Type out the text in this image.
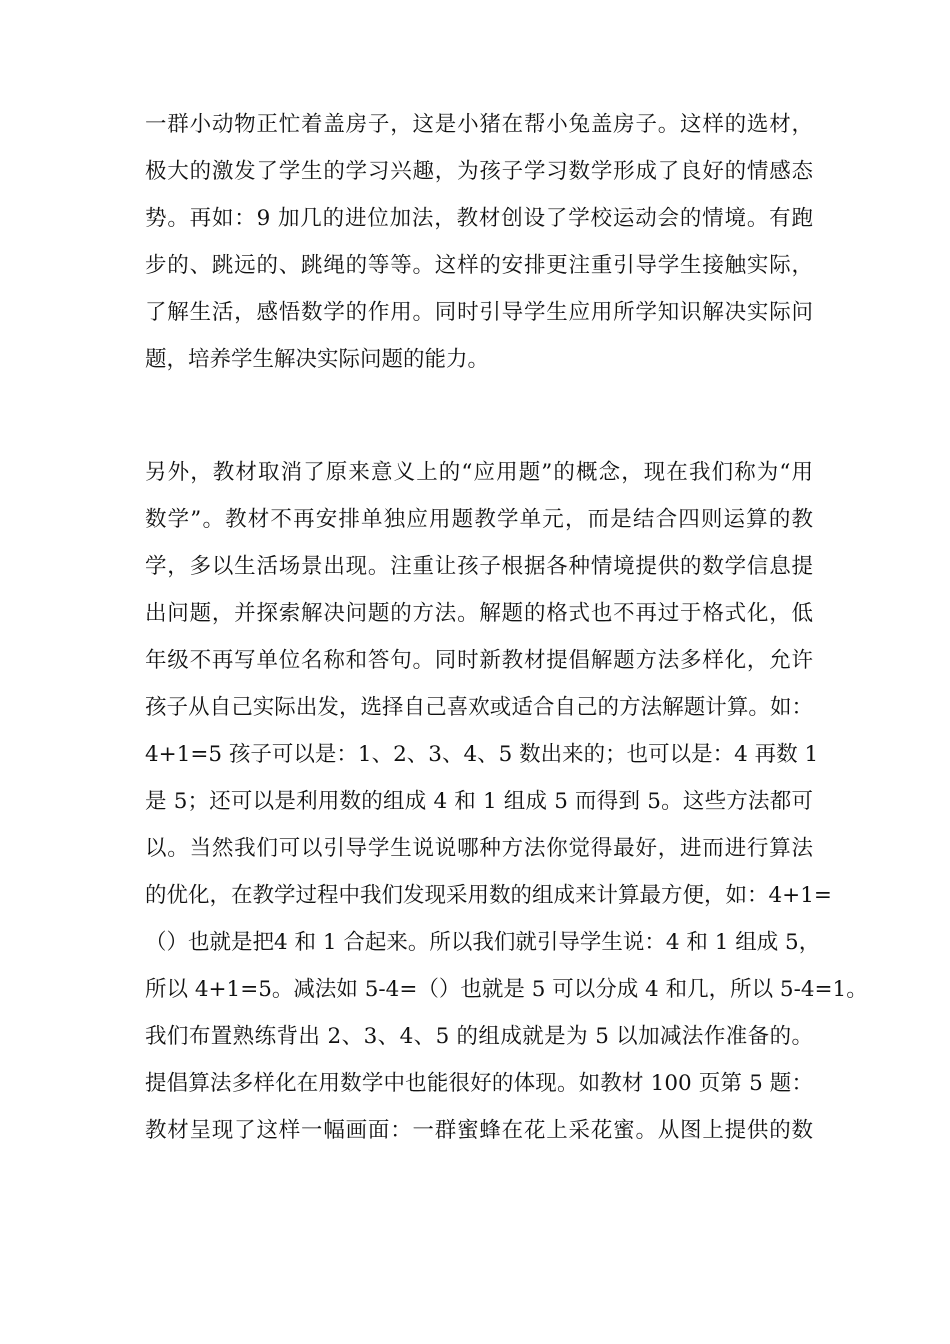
一群小动物正忙着盖房子，这是小猪在帮小兔盖房子。这样的选材，
极大的激发了学生的学习兴趣，为孩子学习数学形成了良好的情感态
势。再如：9 加几的进位加法，教材创设了学校运动会的情境。有跑
步的、跳远的、跳绳的等等。这样的安排更注重引导学生接触实际，
了解生活，感悟数学的作用。同时引导学生应用所学知识解决实际问
题，培养学生解决实际问题的能力。
另外，教材取消了原来意义上的“应用题”的概念，现在我们称为“用
数学”。教材不再安排单独应用题教学单元，而是结合四则运算的教
学，多以生活场景出现。注重让孩子根据各种情境提供的数学信息提
出问题，并探索解决问题的方法。解题的格式也不再过于格式化，低
年级不再写单位名称和答句。同时新教材提倡解题方法多样化，允许
孩子从自己实际出发，选择自己喜欢或适合自己的方法解题计算。如：
4+1=5 孩子可以是：1、2、3、4、5 数出来的；也可以是：4 再数 1
是 5；还可以是利用数的组成 4 和 1 组成 5 而得到 5。这些方法都可
以。当然我们可以引导学生说说哪种方法你觉得最好，进而进行算法
的优化，在教学过程中我们发现采用数的组成来计算最方便，如：4+1=
（）也就是把4 和 1 合起来。所以我们就引导学生说：4 和 1 组成 5，
所以 4+1=5。减法如 5-4=（）也就是 5 可以分成 4 和几，所以 5-4=1。
我们布置熟练背出 2、3、4、5 的组成就是为 5 以加减法作准备的。
提倡算法多样化在用数学中也能很好的体现。如教材 100 页第 5 题：
教材呈现了这样一幅画面：一群蜜蜂在花上采花蜜。从图上提供的数
